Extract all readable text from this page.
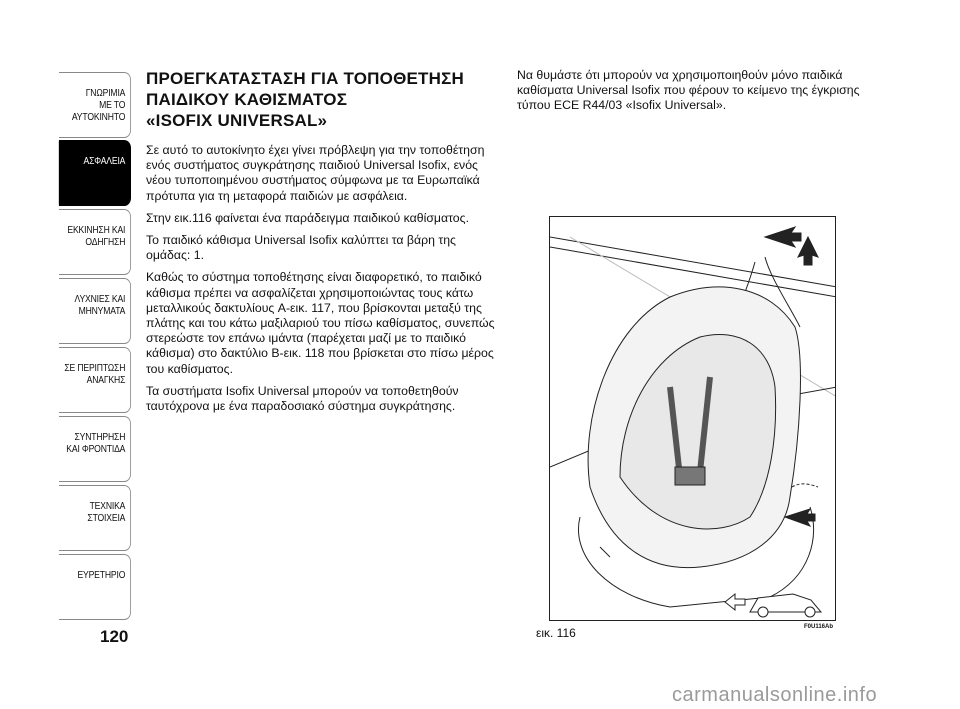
ΓΝΩΡΙΜΙΑ
ΜΕ ΤΟ
ΑΥΤΟΚΙΝΗΤΟ
ΑΣΦΑΛΕΙΑ
ΕΚΚΙΝΗΣΗ ΚΑΙ
ΟΔΗΓΗΣΗ
ΛΥΧΝΙΕΣ ΚΑΙ
ΜΗΝΥΜΑΤΑ
ΣΕ ΠΕΡΙΠΤΩΣΗ
ΑΝΑΓΚΗΣ
ΣΥΝΤΗΡΗΣΗ
ΚΑΙ ΦΡΟΝΤΙΔΑ
ΤΕΧΝΙΚΑ
ΣΤΟΙΧΕΙΑ
ΕΥΡΕΤΗΡΙΟ
120
ΠΡΟΕΓΚΑΤΑΣΤΑΣΗ ΓΙΑ ΤΟΠΟΘΕΤΗΣΗ
ΠΑΙΔΙΚΟΥ ΚΑΘΙΣΜΑΤΟΣ
«ISOFIX UNIVERSAL»

Σε αυτό το αυτοκίνητο έχει γίνει πρόβλεψη για την τοποθέτηση ενός συστήματος συγκράτησης παιδιού Universal Isofix, ενός νέου τυποποιημένου συστήματος σύμφωνα με τα Ευρωπαϊκά πρότυπα για τη μεταφορά παιδιών με ασφάλεια.

Στην εικ.116 φαίνεται ένα παράδειγμα παιδικού καθίσματος.

Το παιδικό κάθισμα Universal Isofix καλύπτει τα βάρη της ομάδας: 1.

Καθώς το σύστημα τοποθέτησης είναι διαφορετικό, το παιδικό κάθισμα πρέπει να ασφαλίζεται χρησιμοποιώντας τους κάτω μεταλλικούς δακτυλίους A-εικ. 117, που βρίσκονται μεταξύ της πλάτης και του κάτω μαξιλαριού του πίσω καθίσματος, συνεπώς στερεώστε τον επάνω ιμάντα (παρέχεται μαζί με το παιδικό κάθισμα) στο δακτύλιο B-εικ. 118 που βρίσκεται στο πίσω μέρος του καθίσματος.

Τα συστήματα Isofix Universal μπορούν να τοποθετηθούν ταυτόχρονα με ένα παραδοσιακό σύστημα συγκράτησης.

Να θυμάστε ότι μπορούν να χρησιμοποιηθούν μόνο παιδικά καθίσματα Universal Isofix που φέρουν το κείμενο της έγκρισης τύπου ECE R44/03 «Isofix Universal».

εικ. 116	F0U116Ab
carmanualsonline.info
